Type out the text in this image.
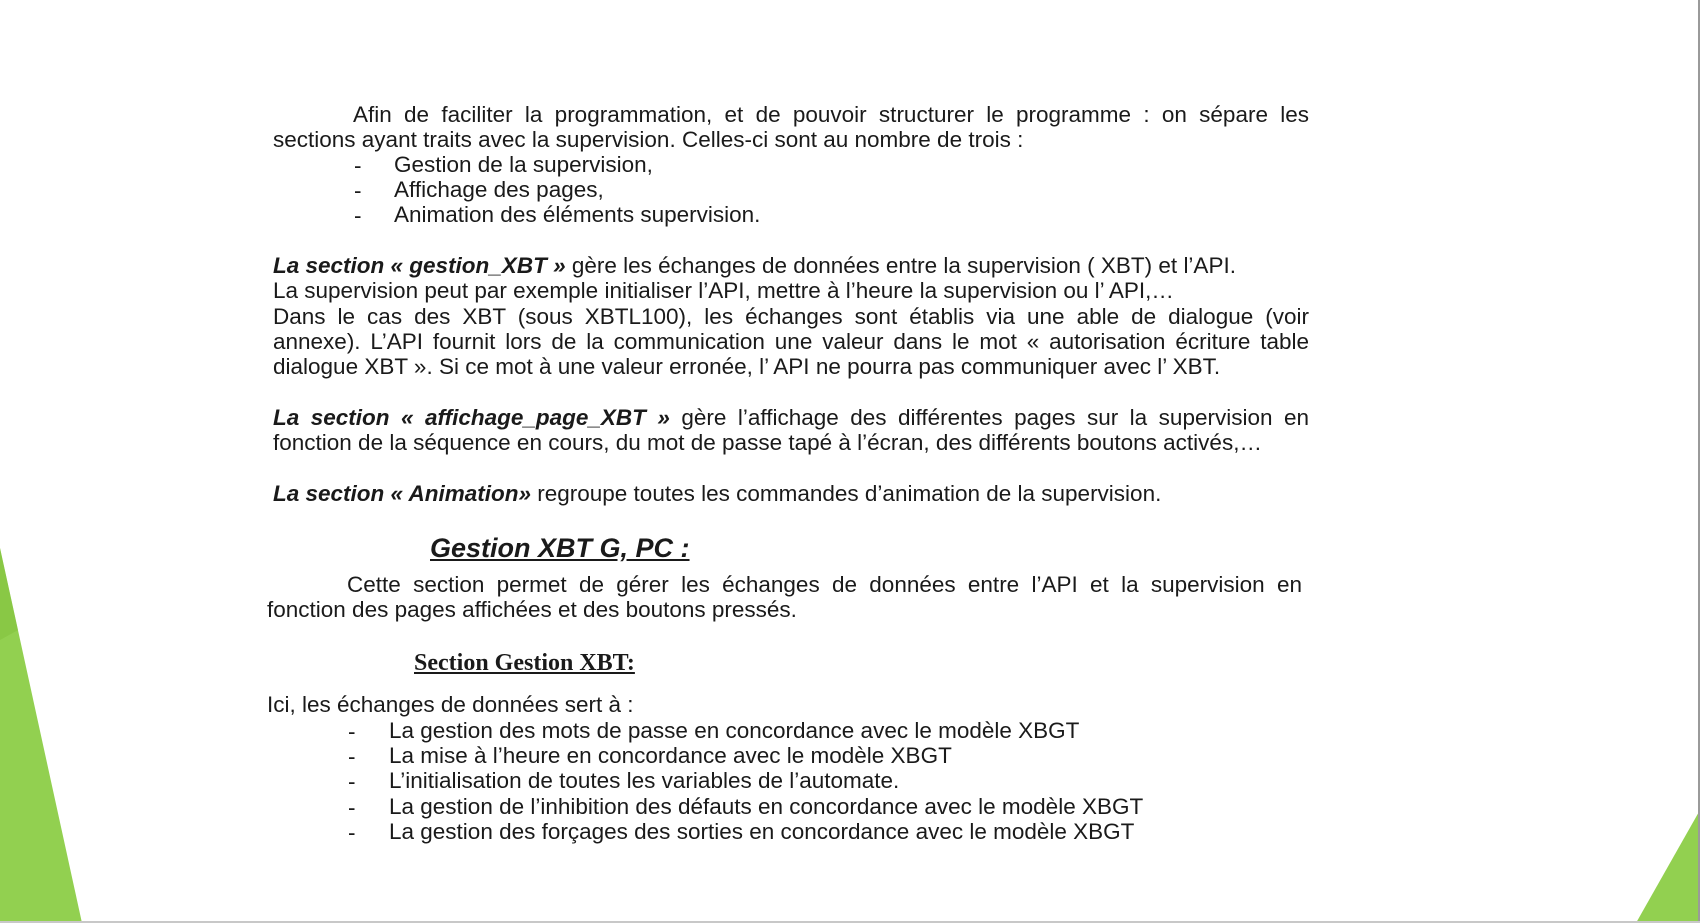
Afin de faciliter la programmation, et de pouvoir structurer le programme : on sépare les
sections ayant traits avec la supervision. Celles-ci sont au nombre de trois :
- Gestion de la supervision,
- Affichage des pages,
- Animation des éléments supervision.
La section « gestion_XBT » gère les échanges de données entre la supervision ( XBT) et l’API.
La supervision peut par exemple initialiser l’API, mettre à l’heure la supervision ou l’ API,…
Dans le cas des XBT (sous XBTL100), les échanges sont établis via une able de dialogue (voir
annexe). L’API fournit lors de la communication une valeur dans le mot « autorisation écriture table
dialogue XBT ». Si ce mot à une valeur erronée, l’ API ne pourra pas communiquer avec l’ XBT.
La section « affichage_page_XBT » gère l’affichage des différentes pages sur la supervision en
fonction de la séquence en cours, du mot de passe tapé à l’écran, des différents boutons activés,…
La section « Animation» regroupe toutes les commandes d’animation de la supervision.
Gestion XBT G, PC :
Cette section permet de gérer les échanges de données entre l’API et la supervision en
fonction des pages affichées et des boutons pressés.
Section Gestion XBT:
Ici, les échanges de données sert à :
- La gestion des mots de passe en concordance avec le modèle XBGT
- La mise à l’heure en concordance avec le modèle XBGT
- L’initialisation de toutes les variables de l’automate.
- La gestion de l’inhibition des défauts en concordance avec le modèle XBGT
- La gestion des forçages des sorties en concordance avec le modèle XBGT
